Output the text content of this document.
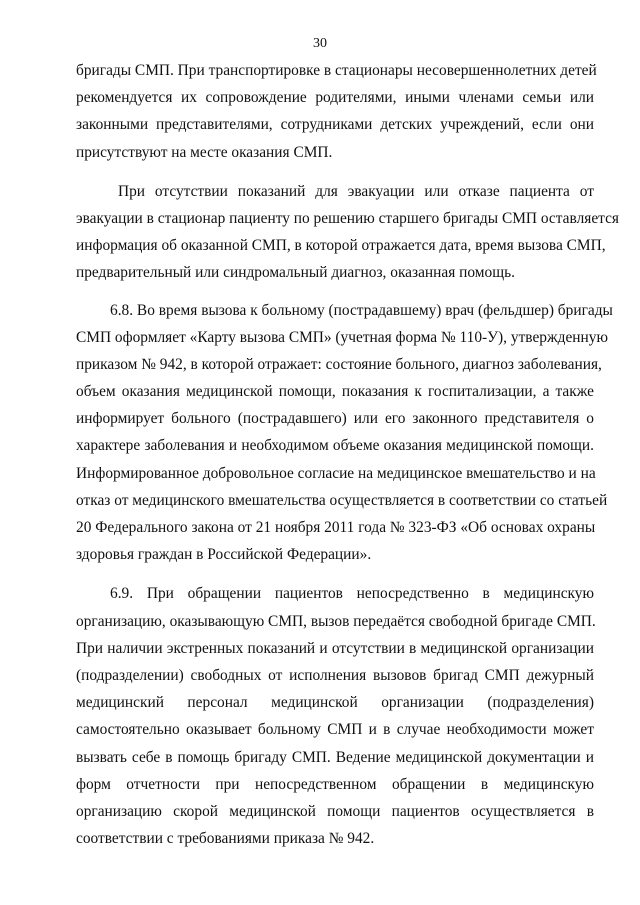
30
бригады СМП. При транспортировке в стационары несовершеннолетних детей
рекомендуется их сопровождение родителями, иными членами семьи или
законными представителями, сотрудниками детских учреждений, если они
присутствуют на месте оказания СМП.
При отсутствии показаний для эвакуации или отказе пациента от
эвакуации в стационар пациенту по решению старшего бригады СМП оставляется
информация об оказанной СМП, в которой отражается дата, время вызова СМП,
предварительный или синдромальный диагноз, оказанная помощь.
6.8. Во время вызова к больному (пострадавшему) врач (фельдшер) бригады
СМП оформляет «Карту вызова СМП» (учетная форма № 110-У), утвержденную
приказом № 942, в которой отражает: состояние больного, диагноз заболевания,
объем оказания медицинской помощи, показания к госпитализации, а также
информирует больного (пострадавшего) или его законного представителя о
характере заболевания и необходимом объеме оказания медицинской помощи.
Информированное добровольное согласие на медицинское вмешательство и на
отказ от медицинского вмешательства осуществляется в соответствии со статьей
20 Федерального закона от 21 ноября 2011 года № 323-ФЗ «Об основах охраны
здоровья граждан в Российской Федерации».
6.9. При обращении пациентов непосредственно в медицинскую
организацию, оказывающую СМП, вызов передаётся свободной бригаде СМП.
При наличии экстренных показаний и отсутствии в медицинской организации
(подразделении) свободных от исполнения вызовов бригад СМП дежурный
медицинский персонал медицинской организации (подразделения)
самостоятельно оказывает больному СМП и в случае необходимости может
вызвать себе в помощь бригаду СМП. Ведение медицинской документации и
форм отчетности при непосредственном обращении в медицинскую
организацию скорой медицинской помощи пациентов осуществляется в
соответствии с требованиями приказа № 942.
